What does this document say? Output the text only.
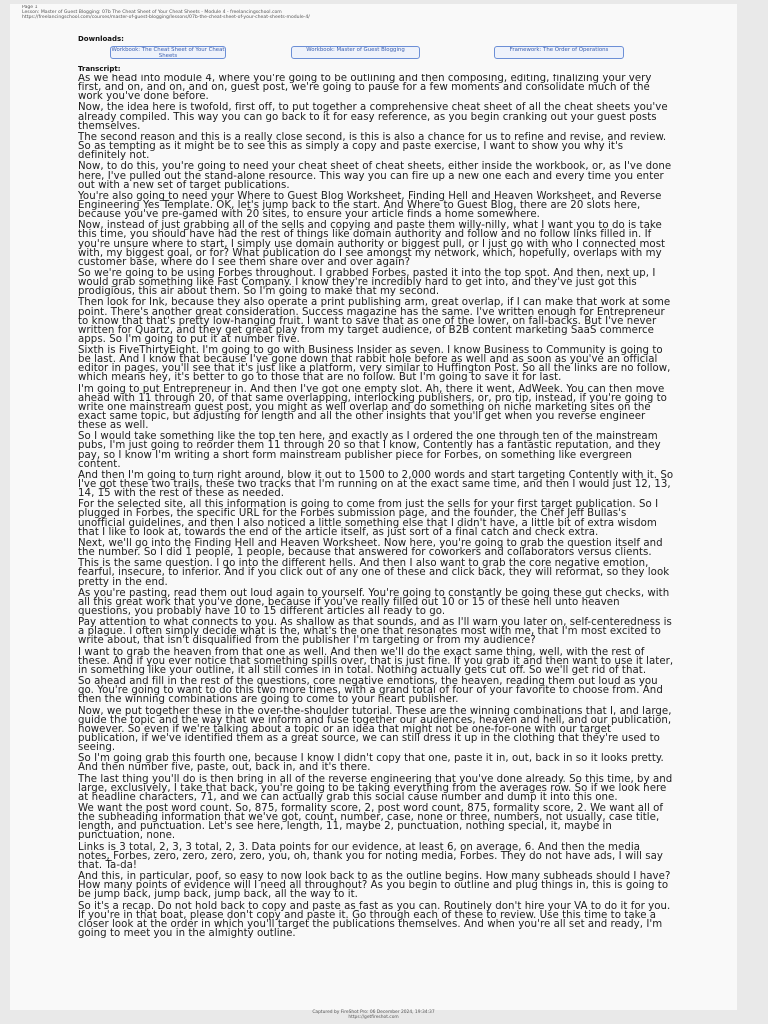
Page 1
Lesson: Master of Guest Blogging: 07b The Cheat Sheet of Your Cheat Sheets - Module 4 - freelancingschool.com
https://freelancingschool.com/courses/master-of-guest-blogging/lessons/07b-the-cheat-sheet-of-your-cheat-sheets-module-4/
Downloads:
Workbook: The Cheat Sheet of Your Cheat Sheets
Workbook: Master of Guest Blogging	Framework: The Order of Operations
Transcript:

As we head into module 4, where you're going to be outlining and then composing, editing, finalizing your very first, and on, and on, and on, guest post, we're going to pause for a few moments and consolidate much of the work you've done before.

Now, the idea here is twofold, first off, to put together a comprehensive cheat sheet of all the cheat sheets you've already compiled. This way you can go back to it for easy reference, as you begin cranking out your guest posts themselves.

The second reason and this is a really close second, is this is also a chance for us to refine and revise, and review. So as tempting as it might be to see this as simply a copy and paste exercise, I want to show you why it's definitely not.

Now, to do this, you're going to need your cheat sheet of cheat sheets, either inside the workbook, or, as I've done here, I've pulled out the stand-alone resource. This way you can fire up a new one each and every time you enter out with a new set of target publications.

You're also going to need your Where to Guest Blog Worksheet, Finding Hell and Heaven Worksheet, and Reverse Engineering Yes Template. OK, let's jump back to the start. And Where to Guest Blog, there are 20 slots here, because you've pre-gamed with 20 sites, to ensure your article finds a home somewhere.

Now, instead of just grabbing all of the sells and copying and paste them willy-nilly, what I want you to do is take this time, you should have had the rest of things like domain authority and follow and no follow links filled in. If you're unsure where to start, I simply use domain authority or biggest pull, or I just go with who I connected most with, my biggest goal, or for? What publication do I see amongst my network, which, hopefully, overlaps with my customer base, where do I see them share over and over again?

So we're going to be using Forbes throughout. I grabbed Forbes, pasted it into the top spot. And then, next up, I would grab something like Fast Company. I know they're incredibly hard to get into, and they've just got this prodigious, this air about them. So I'm going to make that my second.

Then look for Ink, because they also operate a print publishing arm, great overlap, if I can make that work at some point. There's another great consideration. Success magazine has the same. I've written enough for Entrepreneur to know that that's pretty low-hanging fruit. I want to save that as one of the lower, on fall-backs. But I've never written for Quartz, and they get great play from my target audience, of B2B content marketing SaaS commerce apps. So I'm going to put it at number five.

Sixth is FiveThirtyEight. I'm going to go with Business Insider as seven. I know Business to Community is going to be last. And I know that because I've gone down that rabbit hole before as well and as soon as you've an official editor in pages, you'll see that it's just like a platform, very similar to Huffington Post. So all the links are no follow, which means hey, it's better to go to those that are no follow. But I'm going to save it for last.

I'm going to put Entrepreneur in. And then I've got one empty slot. Ah, there it went, AdWeek. You can then move ahead with 11 through 20, of that same overlapping, interlocking publishers, or, pro tip, instead, if you're going to write one mainstream guest post, you might as well overlap and do something on niche marketing sites on the exact same topic, but adjusting for length and all the other insights that you'll get when you reverse engineer these as well.

So I would take something like the top ten here, and exactly as I ordered the one through ten of the mainstream pubs, I'm just going to reorder them 11 through 20 so that I know, Contently has a fantastic reputation, and they pay, so I know I'm writing a short form mainstream publisher piece for Forbes, on something like evergreen content.

And then I'm going to turn right around, blow it out to 1500 to 2,000 words and start targeting Contently with it. So I've got these two trails, these two tracks that I'm running on at the exact same time, and then I would just 12, 13, 14, 15 with the rest of these as needed.

For the selected site, all this information is going to come from just the sells for your first target publication. So I plugged in Forbes, the specific URL for the Forbes submission page, and the founder, the Chef Jeff Bullas's unofficial guidelines, and then I also noticed a little something else that I didn't have, a little bit of extra wisdom that I like to look at, towards the end of the article itself, as just sort of a final catch and check extra.

Next, we'll go into the Finding Hell and Heaven Worksheet. Now here, you're going to grab the question itself and the number. So I did 1 people, 1 people, because that answered for coworkers and collaborators versus clients.

This is the same question. I go into the different hells. And then I also want to grab the core negative emotion, fearful, insecure, to inferior. And if you click out of any one of these and click back, they will reformat, so they look pretty in the end.

As you're pasting, read them out loud again to yourself. You're going to constantly be going these gut checks, with all this great work that you've done, because if you've really filled out 10 or 15 of these hell unto heaven questions, you probably have 10 to 15 different articles all ready to go.

Pay attention to what connects to you. As shallow as that sounds, and as I'll warn you later on, self-centeredness is a plague. I often simply decide what is the, what's the one that resonates most with me, that I'm most excited to write about, that isn't disqualified from the publisher I'm targeting or from my audience?

I want to grab the heaven from that one as well. And then we'll do the exact same thing, well, with the rest of these. And if you ever notice that something spills over, that is just fine. If you grab it and then want to use it later, in something like your outline, it all still comes in in total. Nothing actually gets cut off. So we'll get rid of that.

So ahead and fill in the rest of the questions, core negative emotions, the heaven, reading them out loud as you go. You're going to want to do this two more times, with a grand total of four of your favorite to choose from. And then the winning combinations are going to come to your heart publisher.

Now, we put together these in the over-the-shoulder tutorial. These are the winning combinations that I, and large, guide the topic and the way that we inform and fuse together our audiences, heaven and hell, and our publication, however. So even if we're talking about a topic or an idea that might not be one-for-one with our target publication, if we've identified them as a great source, we can still dress it up in the clothing that they're used to seeing.

So I'm going grab this fourth one, because I know I didn't copy that one, paste it in, out, back in so it looks pretty. And then number five, paste, out, back in, and it's there.

The last thing you'll do is then bring in all of the reverse engineering that you've done already. So this time, by and large, exclusively, I take that back, you're going to be taking everything from the averages row. So if we look here at headline characters, 71, and we can actually grab this social cause number and dump it into this one.

We want the post word count. So, 875, formality score, 2, post word count, 875, formality score, 2. We want all of the subheading information that we've got, count, number, case, none or three, numbers, not usually, case title, length, and punctuation. Let's see here, length, 11, maybe 2, punctuation, nothing special, it, maybe in punctuation, none.

Links is 3 total, 2, 3, 3 total, 2, 3. Data points for our evidence, at least 6, on average, 6. And then the media notes, Forbes, zero, zero, zero, zero, you, oh, thank you for noting media, Forbes. They do not have ads, I will say that. Ta-da!

And this, in particular, poof, so easy to now look back to as the outline begins. How many subheads should I have? How many points of evidence will I need all throughout? As you begin to outline and plug things in, this is going to be jump back, jump back, jump back, all the way to it.

So it's a recap. Do not hold back to copy and paste as fast as you can. Routinely don't hire your VA to do it for you. If you're in that boat, please don't copy and paste it. Go through each of these to review. Use this time to take a closer look at the order in which you'll target the publications themselves. And when you're all set and ready, I'm going to meet you in the almighty outline.

Captured by FireShot Pro: 06 December 2024, 19:34:37
https://getfireshot.com
